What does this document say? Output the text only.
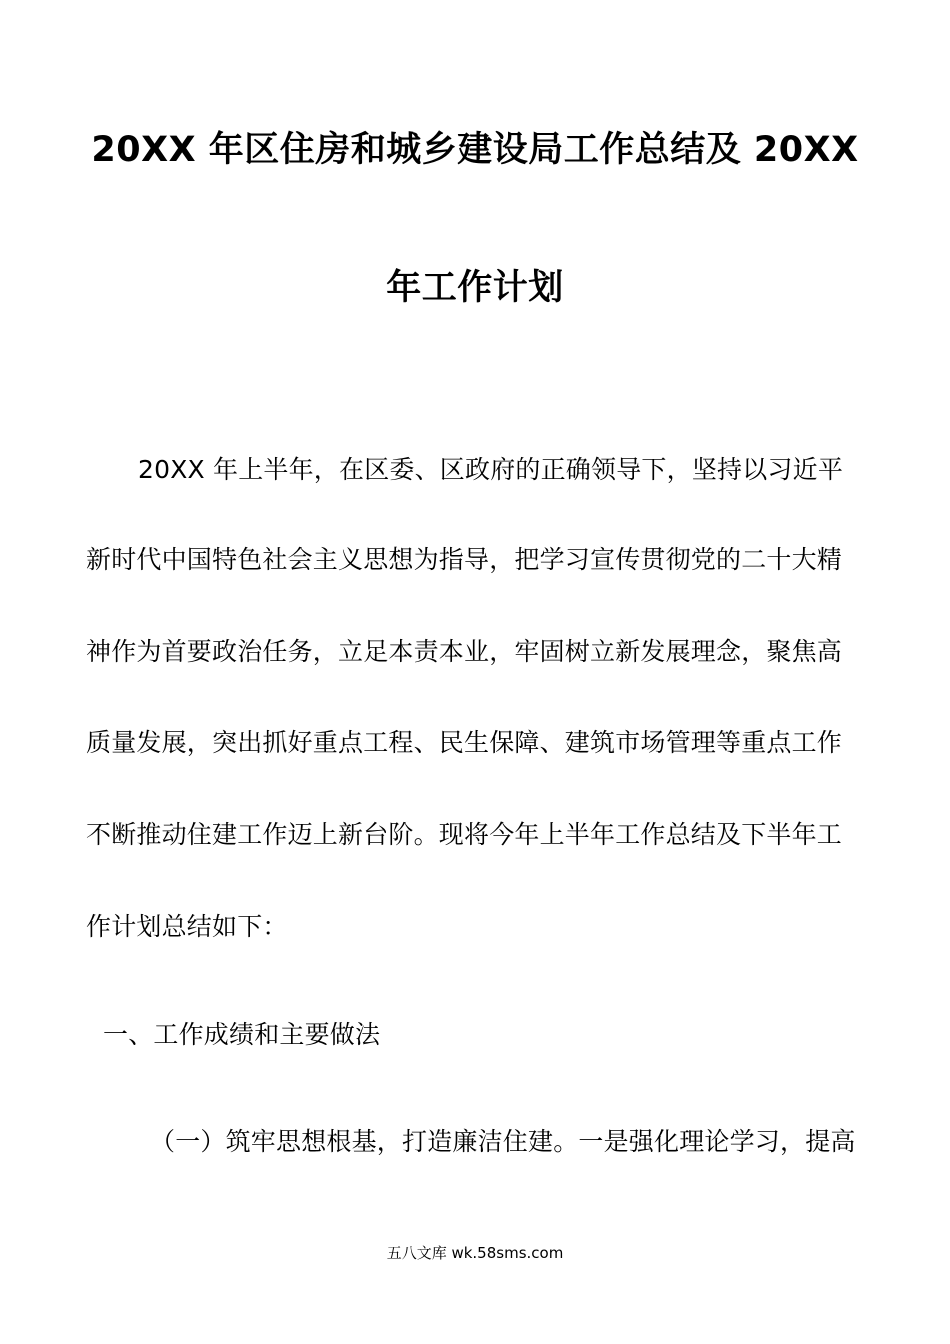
20XX 年区住房和城乡建设局工作总结及 20XX
年工作计划
20XX 年上半年，在区委、区政府的正确领导下，坚持以习近平
新时代中国特色社会主义思想为指导，把学习宣传贯彻党的二十大精
神作为首要政治任务，立足本责本业，牢固树立新发展理念，聚焦高
质量发展，突出抓好重点工程、民生保障、建筑市场管理等重点工作
不断推动住建工作迈上新台阶。现将今年上半年工作总结及下半年工
作计划总结如下：
一、工作成绩和主要做法
（一）筑牢思想根基，打造廉洁住建。一是强化理论学习，提高
五八文库 wk.58sms.com
